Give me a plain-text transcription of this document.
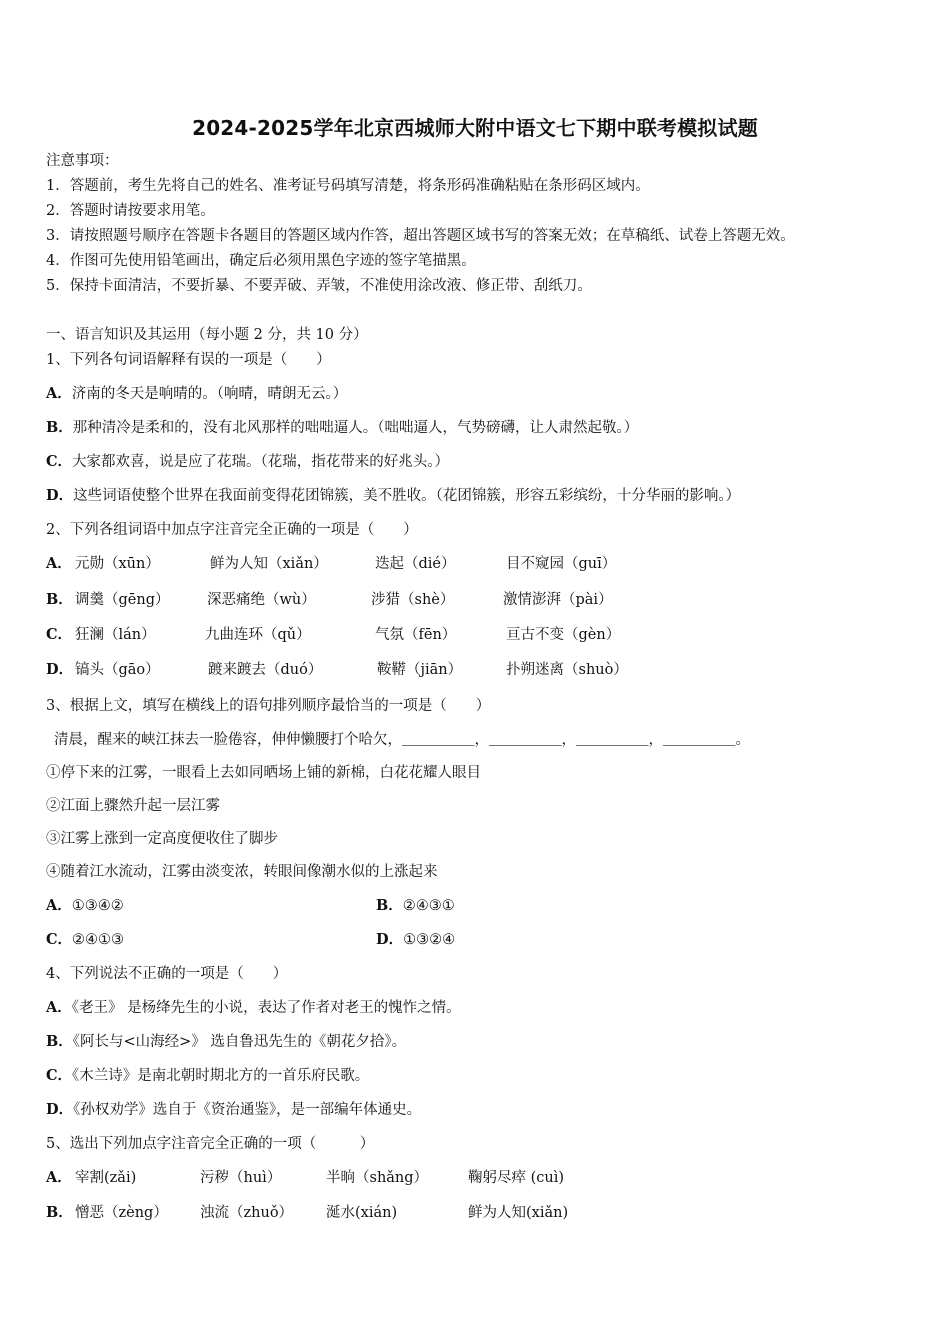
2024-2025学年北京西城师大附中语文七下期中联考模拟试题
注意事项：
1．答题前，考生先将自己的姓名、准考证号码填写清楚，将条形码准确粘贴在条形码区域内。
2．答题时请按要求用笔。
3．请按照题号顺序在答题卡各题目的答题区域内作答，超出答题区域书写的答案无效；在草稿纸、试卷上答题无效。
4．作图可先使用铅笔画出，确定后必须用黑色字迹的签字笔描黑。
5．保持卡面清洁，不要折暴、不要弄破、弄皱，不准使用涂改液、修正带、刮纸刀。
一、语言知识及其运用（每小题 2 分，共 10 分）
1、下列各句词语解释有误的一项是（　　）
A．济南的冬天是响晴的。（响晴，晴朗无云。）
B．那种清冷是柔和的，没有北风那样的咄咄逼人。（咄咄逼人，气势磅礴，让人肃然起敬。）
C．大家都欢喜，说是应了花瑞。（花瑞，指花带来的好兆头。）
D．这些词语使整个世界在我面前变得花团锦簇，美不胜收。（花团锦簇，形容五彩缤纷，十分华丽的影响。）
2、下列各组词语中加点字注音完全正确的一项是（　　）
A． 元勋（xūn）	鲜为人知（xiǎn）	迭起（dié）	目不窥园（guī）
B． 调羹（gēng）	深恶痛绝（wù）	涉猎（shè）	激情澎湃（pài）
C． 狂澜（lán）	九曲连环（qǔ）	气氛（fēn）	亘古不变（gèn）
D． 镐头（gāo）	踱来踱去（duó）	鞍鞯（jiān）	扑朔迷离（shuò）
3、根据上文，填写在横线上的语句排列顺序最恰当的一项是（　　）
清晨，醒来的峡江抹去一脸倦容，伸伸懒腰打个哈欠，＿＿＿＿＿，＿＿＿＿＿，＿＿＿＿＿，＿＿＿＿＿。
①停下来的江雾，一眼看上去如同晒场上铺的新棉，白花花耀人眼目
②江面上骤然升起一层江雾
③江雾上涨到一定高度便收住了脚步
④随着江水流动，江雾由淡变浓，转眼间像潮水似的上涨起来
A．①③④②	B．②④③①
C．②④①③	D．①③②④
4、下列说法不正确的一项是（　　）
A．《老王》 是杨绛先生的小说，表达了作者对老王的愧怍之情。
B．《阿长与<山海经>》 选自鲁迅先生的《朝花夕拾》。
C．《木兰诗》是南北朝时期北方的一首乐府民歌。
D．《孙权劝学》选自于《资治通鉴》，是一部编年体通史。
5、选出下列加点字注音完全正确的一项（　　　）
A． 宰割(zǎi)	污秽（huì）	半晌（shǎng）	鞠躬尽瘁 (cuì)
B． 憎恶（zèng） 浊流（zhuǒ） 涎水(xián)	鲜为人知(xiǎn)
